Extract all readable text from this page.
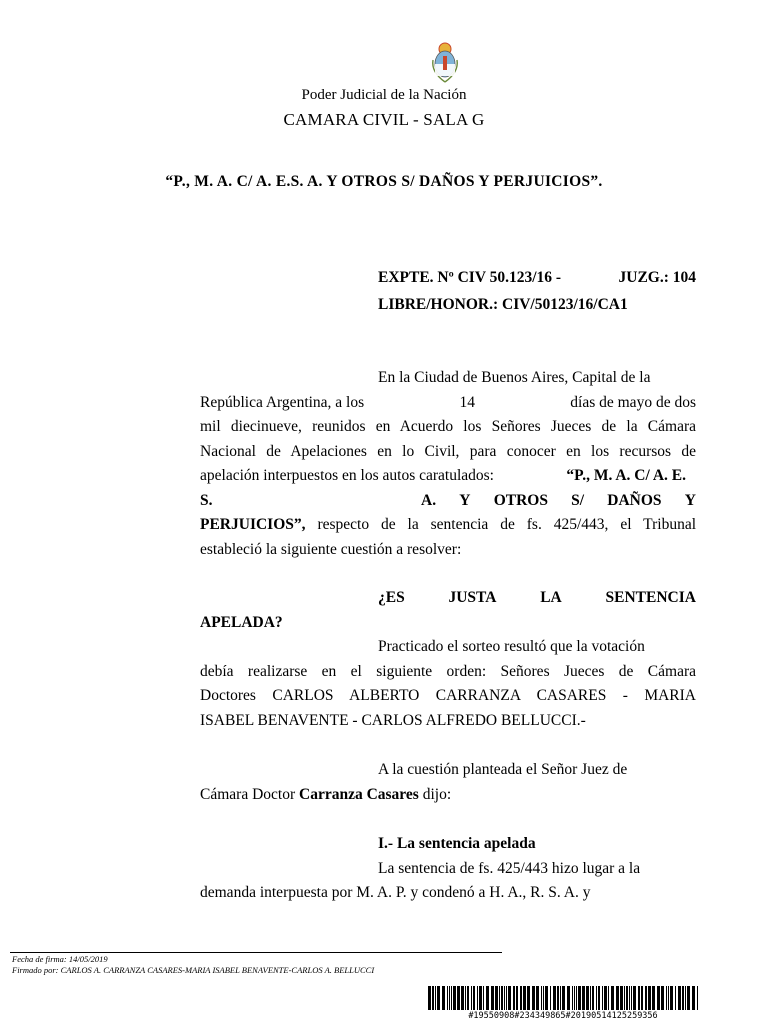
Poder Judicial de la Nación
CAMARA CIVIL - SALA G
“P., M. A. C/ A. E.S. A. Y OTROS S/ DAÑOS Y PERJUICIOS”.
EXPTE. Nº CIV 50.123/16 -	JUZG.: 104
LIBRE/HONOR.: CIV/50123/16/CA1
En la Ciudad de Buenos Aires, Capital de la
República Argentina, a los	14	días de mayo de dos
mil diecinueve, reunidos en Acuerdo los Señores Jueces de la Cámara
Nacional de Apelaciones en lo Civil, para conocer en los recursos de
apelación interpuestos en los autos caratulados:	“P., M. A. C/ A. E.
S.	A. Y OTROS S/ DAÑOS Y
PERJUICIOS”, respecto de la sentencia de fs. 425/443, el Tribunal
estableció la siguiente cuestión a resolver:
¿ES	JUSTA	LA	SENTENCIA
APELADA?
Practicado el sorteo resultó que la votación
debía realizarse en el siguiente orden: Señores Jueces de Cámara
Doctores CARLOS ALBERTO CARRANZA CASARES - MARIA
ISABEL BENAVENTE - CARLOS ALFREDO BELLUCCI.-
A la cuestión planteada el Señor Juez de
Cámara Doctor Carranza Casares dijo:
I.- La sentencia apelada
La sentencia de fs. 425/443 hizo lugar a la
demanda interpuesta por M. A. P. y condenó a H. A., R. S. A. y
Fecha de firma: 14/05/2019
Firmado por: CARLOS A. CARRANZA CASARES-MARIA ISABEL BENAVENTE-CARLOS A. BELLUCCI
#19550908#234349865#20190514125259356
